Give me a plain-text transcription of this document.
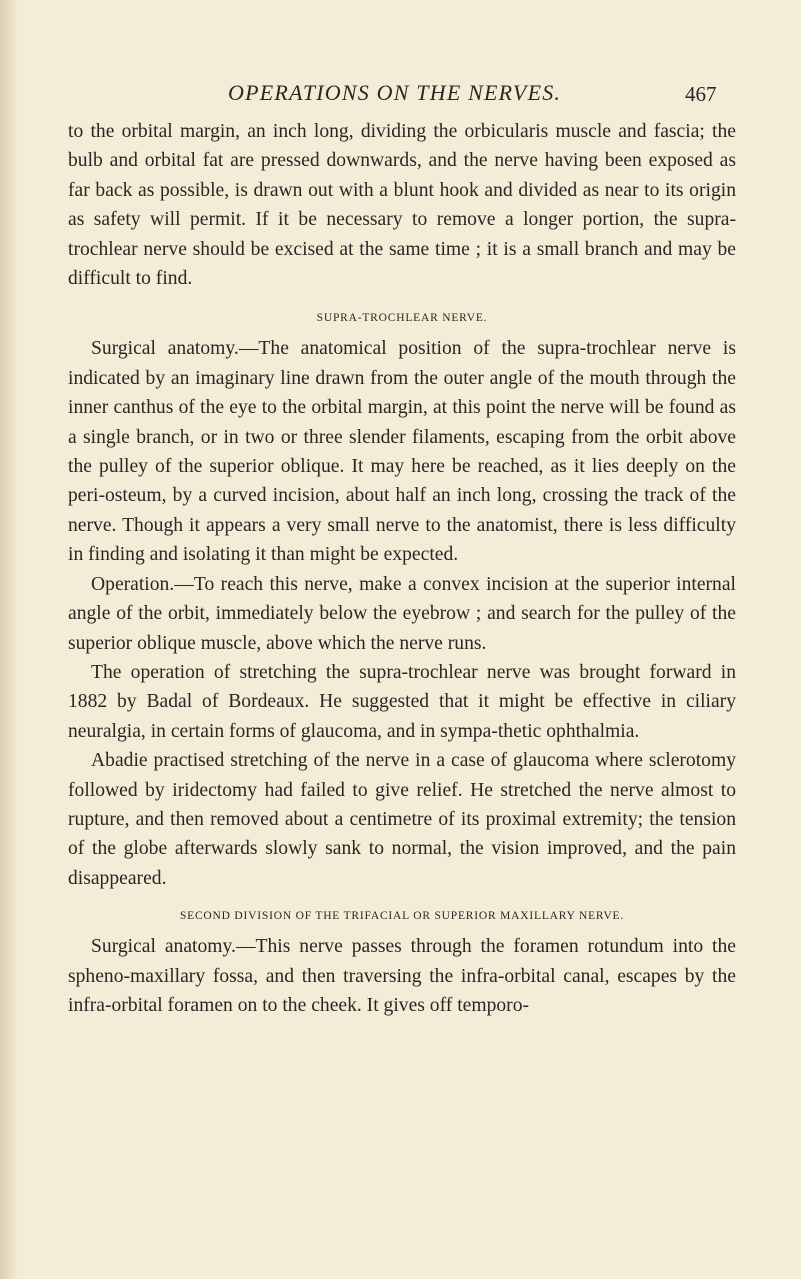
OPERATIONS ON THE NERVES.	467

to the orbital margin, an inch long, dividing the orbicularis muscle and fascia; the bulb and orbital fat are pressed downwards, and the nerve having been exposed as far back as possible, is drawn out with a blunt hook and divided as near to its origin as safety will permit. If it be necessary to remove a longer portion, the supra-trochlear nerve should be excised at the same time ; it is a small branch and may be difficult to find.

SUPRA-TROCHLEAR NERVE.

Surgical anatomy.—The anatomical position of the supra-trochlear nerve is indicated by an imaginary line drawn from the outer angle of the mouth through the inner canthus of the eye to the orbital margin, at this point the nerve will be found as a single branch, or in two or three slender filaments, escaping from the orbit above the pulley of the superior oblique. It may here be reached, as it lies deeply on the peri-osteum, by a curved incision, about half an inch long, crossing the track of the nerve. Though it appears a very small nerve to the anatomist, there is less difficulty in finding and isolating it than might be expected.

Operation.—To reach this nerve, make a convex incision at the superior internal angle of the orbit, immediately below the eyebrow ; and search for the pulley of the superior oblique muscle, above which the nerve runs.

The operation of stretching the supra-trochlear nerve was brought forward in 1882 by Badal of Bordeaux. He suggested that it might be effective in ciliary neuralgia, in certain forms of glaucoma, and in sympa-thetic ophthalmia.

Abadie practised stretching of the nerve in a case of glaucoma where sclerotomy followed by iridectomy had failed to give relief. He stretched the nerve almost to rupture, and then removed about a centimetre of its proximal extremity; the tension of the globe afterwards slowly sank to normal, the vision improved, and the pain disappeared.

SECOND DIVISION OF THE TRIFACIAL OR SUPERIOR MAXILLARY NERVE.

Surgical anatomy.—This nerve passes through the foramen rotundum into the spheno-maxillary fossa, and then traversing the infra-orbital canal, escapes by the infra-orbital foramen on to the cheek. It gives off temporo-
